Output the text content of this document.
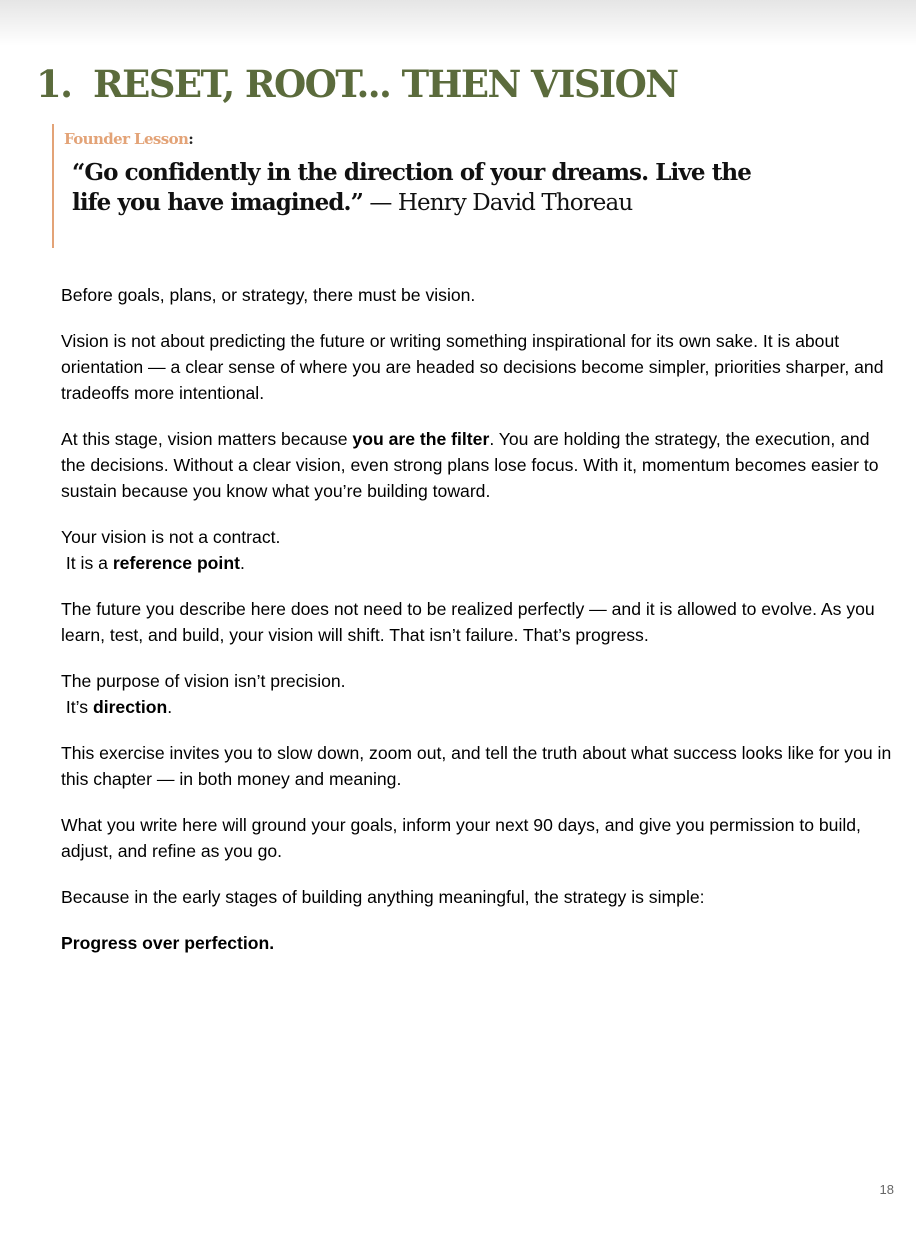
1. RESET, ROOT... THEN VISION
Founder Lesson:

“Go confidently in the direction of your dreams. Live the life you have imagined.” — Henry David Thoreau

Before goals, plans, or strategy, there must be vision.

Vision is not about predicting the future or writing something inspirational for its own sake. It is about orientation — a clear sense of where you are headed so decisions become simpler, priorities sharper, and tradeoffs more intentional.

At this stage, vision matters because you are the filter. You are holding the strategy, the execution, and the decisions. Without a clear vision, even strong plans lose focus. With it, momentum becomes easier to sustain because you know what you’re building toward.

Your vision is not a contract.
It is a reference point.

The future you describe here does not need to be realized perfectly — and it is allowed to evolve. As you learn, test, and build, your vision will shift. That isn’t failure. That’s progress.

The purpose of vision isn’t precision.
It’s direction.

This exercise invites you to slow down, zoom out, and tell the truth about what success looks like for you in this chapter — in both money and meaning.

What you write here will ground your goals, inform your next 90 days, and give you permission to build, adjust, and refine as you go.

Because in the early stages of building anything meaningful, the strategy is simple:

Progress over perfection.

18
